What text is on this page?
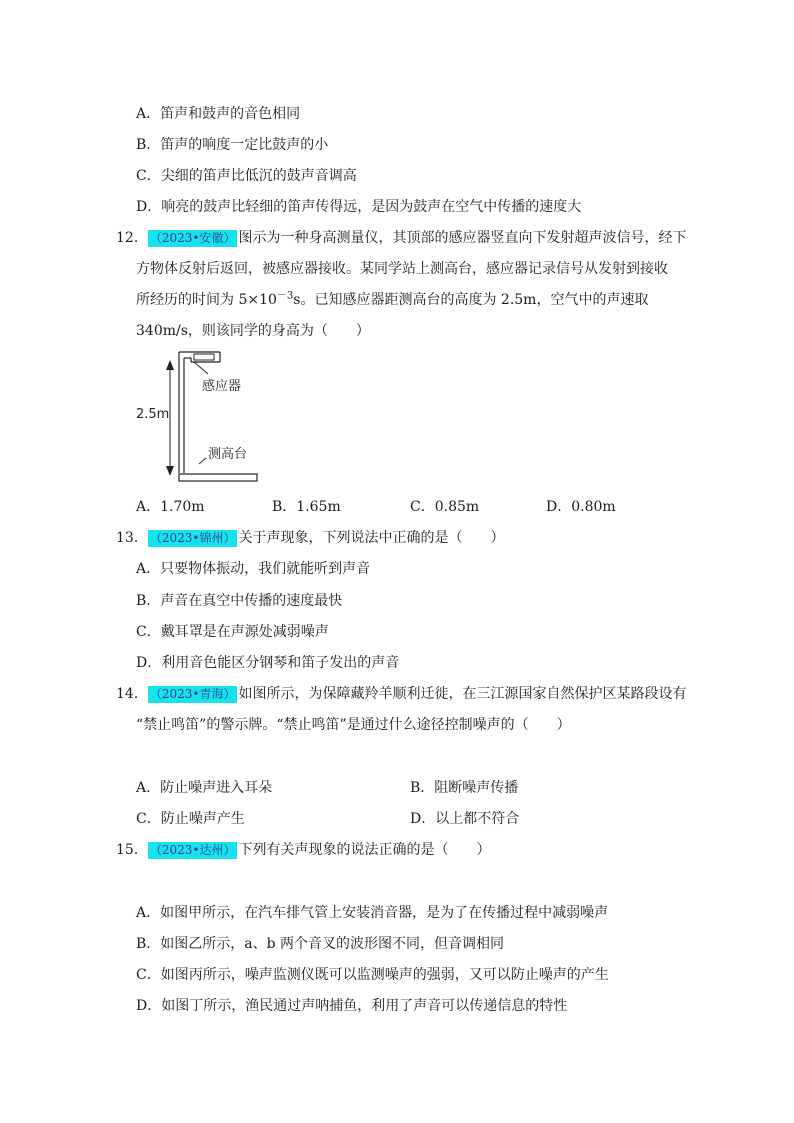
A．笛声和鼓声的音色相同
B．笛声的响度一定比鼓声的小
C．尖细的笛声比低沉的鼓声音调高
D．响亮的鼓声比轻细的笛声传得远，是因为鼓声在空气中传播的速度大
12． （2023•安徽） 图示为一种身高测量仪，其顶部的感应器竖直向下发射超声波信号，经下
方物体反射后返回，被感应器接收。某同学站上测高台，感应器记录信号从发射到接收
所经历的时间为 $5\times 10^{-3}s$。已知感应器距测高台的高度为 2.5m，空气中的声速取
340m/s，则该同学的身高为（　　）
感应器
2.5m
测高台
A．1.70m	B．1.65m	C．0.85m	D．0.80m
13． （2023•锦州） 关于声现象，下列说法中正确的是（　　）
A．只要物体振动，我们就能听到声音
B．声音在真空中传播的速度最快
C．戴耳罩是在声源处减弱噪声
D．利用音色能区分钢琴和笛子发出的声音
14． （2023•青海） 如图所示，为保障藏羚羊顺利迁徙，在三江源国家自然保护区某路段设有
“禁止鸣笛”的警示牌。“禁止鸣笛”是通过什么途径控制噪声的（　　）
A．防止噪声进入耳朵	B．阻断噪声传播
C．防止噪声产生	D．以上都不符合
15． （2023•达州） 下列有关声现象的说法正确的是（　　）
A．如图甲所示，在汽车排气管上安装消音器，是为了在传播过程中减弱噪声
B．如图乙所示，a、b 两个音叉的波形图不同，但音调相同
C．如图丙所示，噪声监测仪既可以监测噪声的强弱，又可以防止噪声的产生
D．如图丁所示，渔民通过声呐捕鱼，利用了声音可以传递信息的特性
